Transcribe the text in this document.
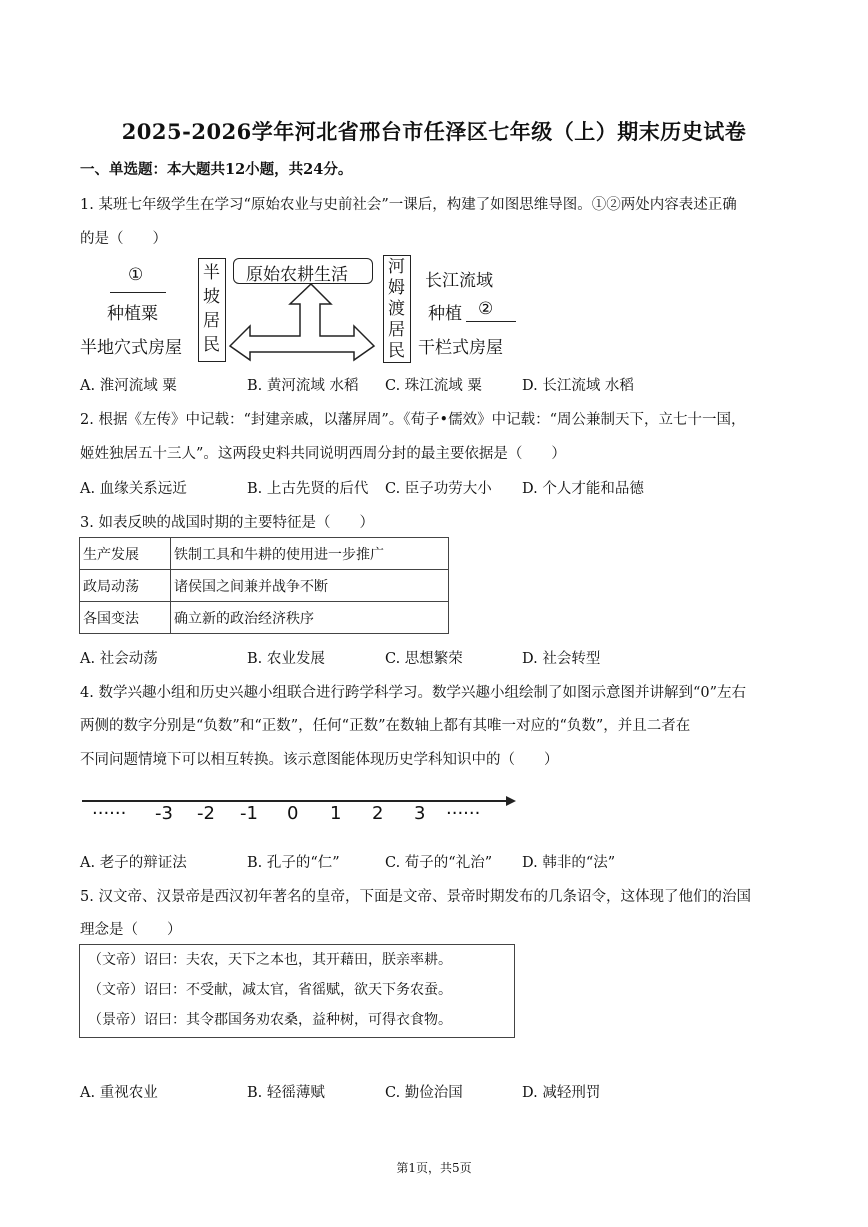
2025-2026学年河北省邢台市任泽区七年级（上）期末历史试卷
一、单选题：本大题共12小题，共24分。
1. 某班七年级学生在学习“原始农业与史前社会”一课后，构建了如图思维导图。①②两处内容表述正确
的是（　　）
①
种植粟
半地穴式房屋
半
坡
居
民
原始农耕生活 河
姆
渡
居
民
长江流域
种植 ②
干栏式房屋
A. 淮河流域 粟	B. 黄河流域 水稻 C. 珠江流域 粟	D. 长江流域 水稻
2. 根据《左传》中记载：“封建亲戚，以藩屏周”。《荀子•儒效》中记载：“周公兼制天下，立七十一国，
姬姓独居五十三人”。这两段史料共同说明西周分封的最主要依据是（　　）
A. 血缘关系远近	B. 上古先贤的后代 C. 臣子功劳大小 D. 个人才能和品德
3. 如表反映的战国时期的主要特征是（　　）
生产发展	铁制工具和牛耕的使用进一步推广
政局动荡	诸侯国之间兼并战争不断
各国变法	确立新的政治经济秩序
A. 社会动荡	B. 农业发展	C. 思想繁荣	D. 社会转型
4. 数学兴趣小组和历史兴趣小组联合进行跨学科学习。数学兴趣小组绘制了如图示意图并讲解到“0”左右
两侧的数字分别是“负数”和“正数”，任何“正数”在数轴上都有其唯一对应的“负数”，并且二者在
不同问题情境下可以相互转换。该示意图能体现历史学科知识中的（　　）
······ -3 -2 -1 0 1 2 3 ······
A. 老子的辩证法	B. 孔子的“仁”	C. 荀子的“礼治” D. 韩非的“法”
5. 汉文帝、汉景帝是西汉初年著名的皇帝，下面是文帝、景帝时期发布的几条诏令，这体现了他们的治国
理念是（　　）
（文帝）诏曰：夫农，天下之本也，其开藉田，朕亲率耕。
（文帝）诏曰：不受献，减太官，省徭赋，欲天下务农蚕。
（景帝）诏曰：其令郡国务劝农桑，益种树，可得衣食物。
A. 重视农业	B. 轻徭薄赋	C. 勤俭治国	D. 减轻刑罚
第1页，共5页
